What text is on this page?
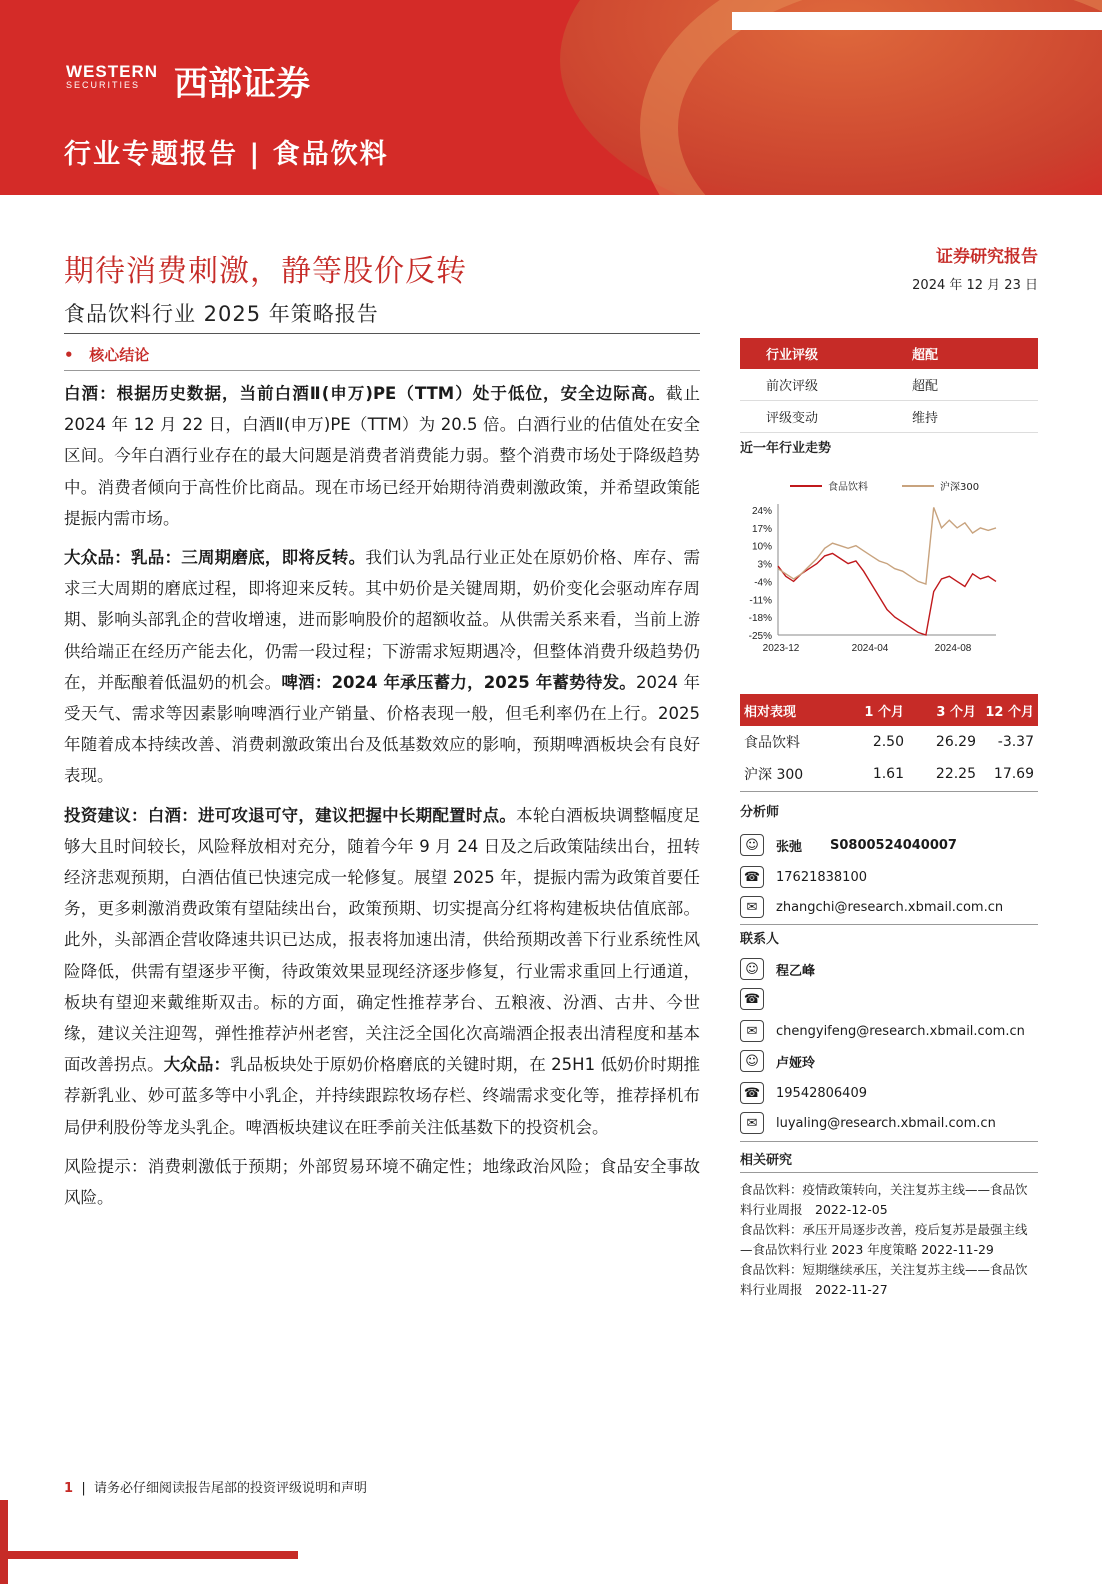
WESTERN
SECURITIES 西部证券
行业专题报告 | 食品饮料
期待消费刺激，静等股价反转
食品饮料行业 2025 年策略报告
证券研究报告
2024 年 12 月 23 日
•   核心结论

白酒：根据历史数据，当前白酒Ⅱ(申万)PE（TTM）处于低位，安全边际高。截止 2024 年 12 月 22 日，白酒Ⅱ(申万)PE（TTM）为 20.5 倍。白酒行业的估值处在安全区间。今年白酒行业存在的最大问题是消费者消费能力弱。整个消费市场处于降级趋势中。消费者倾向于高性价比商品。现在市场已经开始期待消费刺激政策，并希望政策能提振内需市场。

大众品：乳品：三周期磨底，即将反转。我们认为乳品行业正处在原奶价格、库存、需求三大周期的磨底过程，即将迎来反转。其中奶价是关键周期，奶价变化会驱动库存周期、影响头部乳企的营收增速，进而影响股价的超额收益。从供需关系来看，当前上游供给端正在经历产能去化，仍需一段过程；下游需求短期遇冷，但整体消费升级趋势仍在，并酝酿着低温奶的机会。啤酒：2024 年承压蓄力，2025 年蓄势待发。2024 年受天气、需求等因素影响啤酒行业产销量、价格表现一般，但毛利率仍在上行。2025 年随着成本持续改善、消费刺激政策出台及低基数效应的影响，预期啤酒板块会有良好表现。

投资建议：白酒：进可攻退可守，建议把握中长期配置时点。本轮白酒板块调整幅度足够大且时间较长，风险释放相对充分，随着今年 9 月 24 日及之后政策陆续出台，扭转经济悲观预期，白酒估值已快速完成一轮修复。展望 2025 年，提振内需为政策首要任务，更多刺激消费政策有望陆续出台，政策预期、切实提高分红将构建板块估值底部。此外，头部酒企营收降速共识已达成，报表将加速出清，供给预期改善下行业系统性风险降低，供需有望逐步平衡，待政策效果显现经济逐步修复，行业需求重回上行通道，板块有望迎来戴维斯双击。标的方面，确定性推荐茅台、五粮液、汾酒、古井、今世缘，建议关注迎驾，弹性推荐泸州老窖，关注泛全国化次高端酒企报表出清程度和基本面改善拐点。大众品：乳品板块处于原奶价格磨底的关键时期，在 25H1 低奶价时期推荐新乳业、妙可蓝多等中小乳企，并持续跟踪牧场存栏、终端需求变化等，推荐择机布局伊利股份等龙头乳企。啤酒板块建议在旺季前关注低基数下的投资机会。

风险提示：消费刺激低于预期；外部贸易环境不确定性；地缘政治风险；食品安全事故风险。

行业评级	超配
前次评级	超配
评级变动	维持
近一年行业走势
24%
17%
10%
3%
-4%
-11%
-18%
-25%
2023-12	2024-04	2024-08
食品饮料	沪深300
相对表现	1 个月	3 个月 12 个月
食品饮料	2.50	26.29	-3.37
沪深 300	1.61	22.25	17.69
分析师
☺	张弛 S0800524040007
☎	17621838100
✉	zhangchi@research.xbmail.com.cn
联系人
☺	程乙峰
☎
✉	chengyifeng@research.xbmail.com.cn
☺	卢娅玲
☎	19542806409
✉	luyaling@research.xbmail.com.cn
相关研究

食品饮料：疫情政策转向，关注复苏主线——食品饮料行业周报　2022-12-05

食品饮料：承压开局逐步改善，疫后复苏是最强主线—食品饮料行业 2023 年度策略 2022-11-29

食品饮料：短期继续承压，关注复苏主线——食品饮料行业周报　2022-11-27

1  |  请务必仔细阅读报告尾部的投资评级说明和声明
